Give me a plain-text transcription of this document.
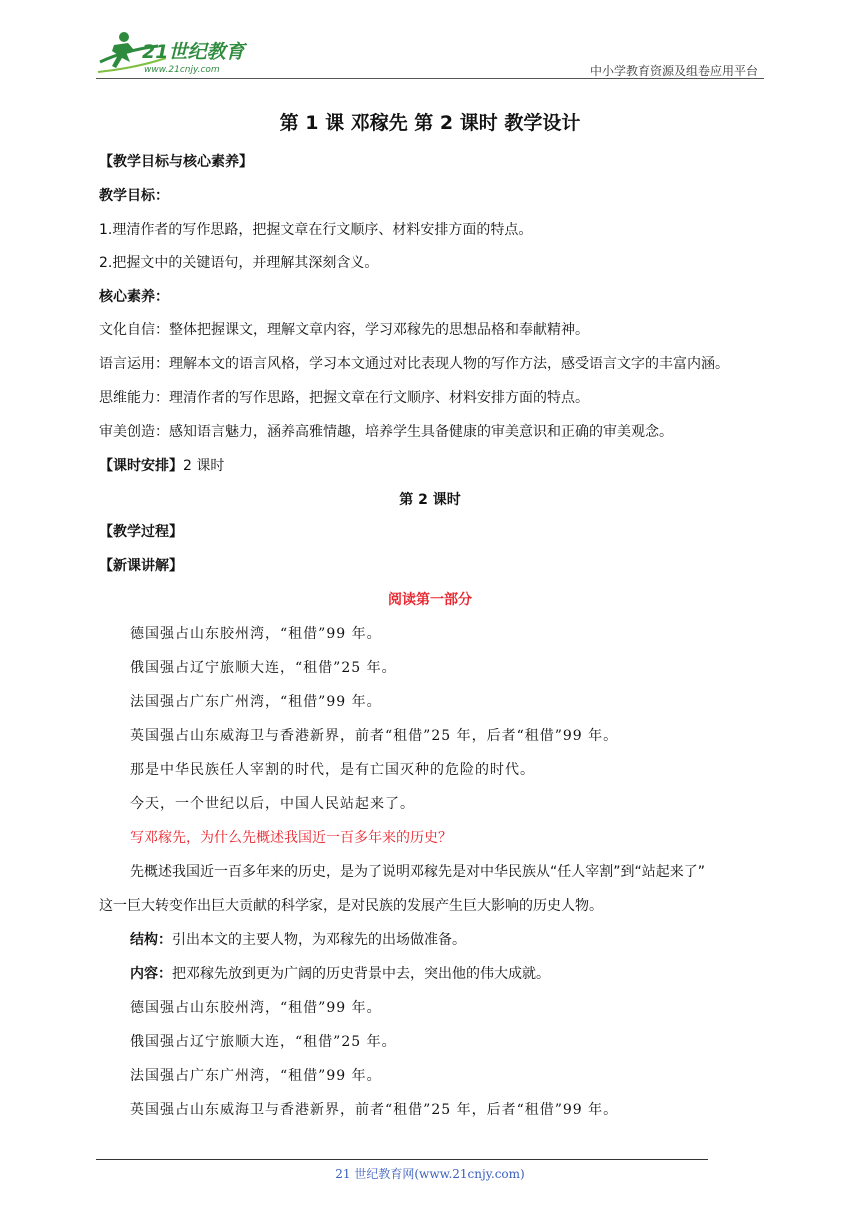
21世纪教育
www.21cnjy.com	中小学教育资源及组卷应用平台
第 1 课 邓稼先 第 2 课时 教学设计
【教学目标与核心素养】
教学目标：
1.理清作者的写作思路，把握文章在行文顺序、材料安排方面的特点。
2.把握文中的关键语句，并理解其深刻含义。
核心素养：
文化自信：整体把握课文，理解文章内容，学习邓稼先的思想品格和奉献精神。
语言运用：理解本文的语言风格，学习本文通过对比表现人物的写作方法，感受语言文字的丰富内涵。
思维能力：理清作者的写作思路，把握文章在行文顺序、材料安排方面的特点。
审美创造：感知语言魅力，涵养高雅情趣，培养学生具备健康的审美意识和正确的审美观念。
【课时安排】2 课时
第 2 课时
【教学过程】
【新课讲解】
阅读第一部分
德国强占山东胶州湾，“租借”99 年。
俄国强占辽宁旅顺大连，“租借”25 年。
法国强占广东广州湾，“租借”99 年。
英国强占山东威海卫与香港新界，前者“租借”25 年，后者“租借”99 年。
那是中华民族任人宰割的时代，是有亡国灭种的危险的时代。
今天，一个世纪以后，中国人民站起来了。
写邓稼先，为什么先概述我国近一百多年来的历史？
先概述我国近一百多年来的历史，是为了说明邓稼先是对中华民族从“任人宰割”到“站起来了”
这一巨大转变作出巨大贡献的科学家，是对民族的发展产生巨大影响的历史人物。
结构：引出本文的主要人物，为邓稼先的出场做准备。
内容：把邓稼先放到更为广阔的历史背景中去，突出他的伟大成就。
德国强占山东胶州湾，“租借”99 年。
俄国强占辽宁旅顺大连，“租借”25 年。
法国强占广东广州湾，“租借”99 年。
英国强占山东威海卫与香港新界，前者“租借”25 年，后者“租借”99 年。
21 世纪教育网(www.21cnjy.com)
